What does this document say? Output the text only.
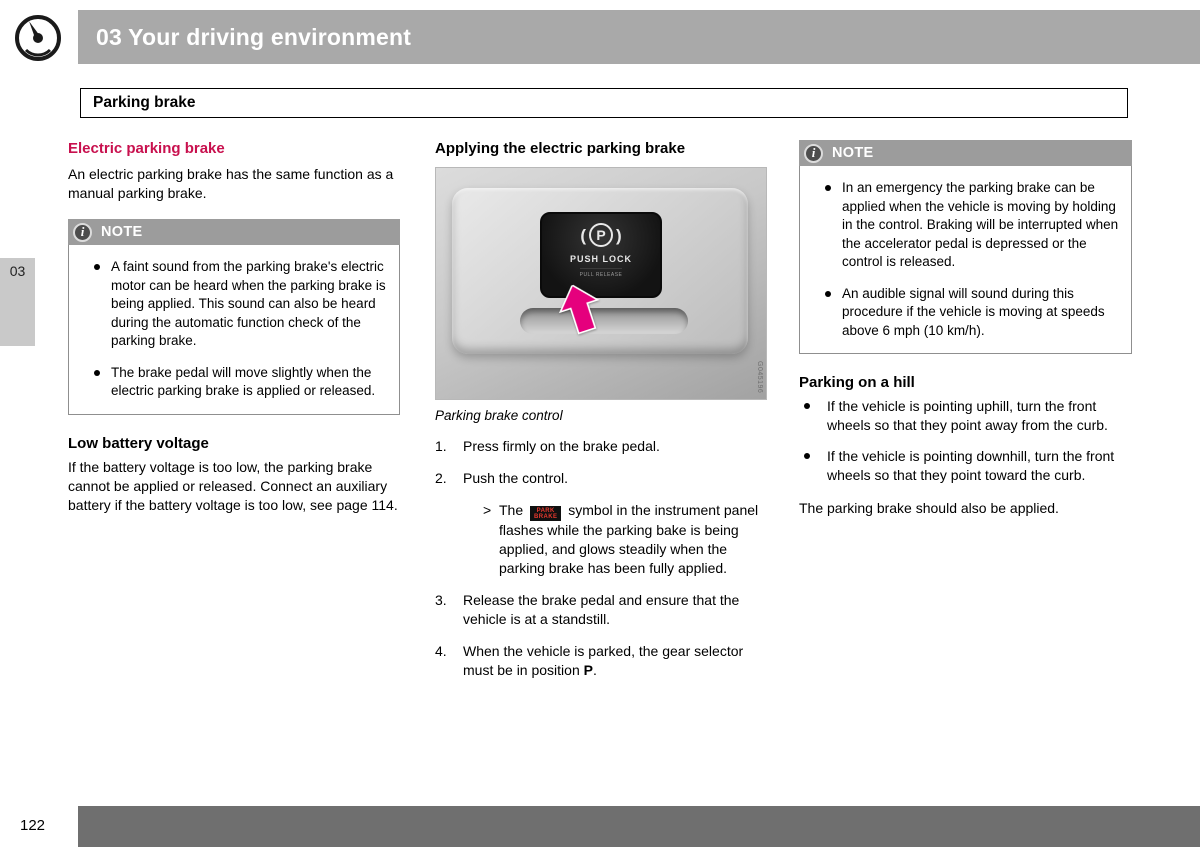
03 Your driving environment
Parking brake
03
Electric parking brake

An electric parking brake has the same function as a manual parking brake.

i	NOTE
A faint sound from the parking brake's electric motor can be heard when the parking brake is being applied. This sound can also be heard during the automatic function check of the parking brake.
The brake pedal will move slightly when the electric parking brake is applied or released.
Low battery voltage

If the battery voltage is too low, the parking brake cannot be applied or released. Connect an auxiliary battery if the battery voltage is too low, see page 114.

Applying the electric parking brake
( P )
PUSH LOCK
PULL RELEASE
G045196
Parking brake control
1.	Press firmly on the brake pedal.
2.	Push the control.
> The	PARK
BRAKE symbol in the instrument panel flashes while the parking bake is being applied, and glows steadily when the parking brake has been fully applied.
3.	Release the brake pedal and ensure that the vehicle is at a standstill.
4.	When the vehicle is parked, the gear selector must be in position P.
i	NOTE
In an emergency the parking brake can be applied when the vehicle is moving by holding in the control. Braking will be interrupted when the accelerator pedal is depressed or the control is released.
An audible signal will sound during this procedure if the vehicle is moving at speeds above 6 mph (10 km/h).
Parking on a hill
If the vehicle is pointing uphill, turn the front wheels so that they point away from the curb.
If the vehicle is pointing downhill, turn the front wheels so that they point toward the curb.

The parking brake should also be applied.

122
